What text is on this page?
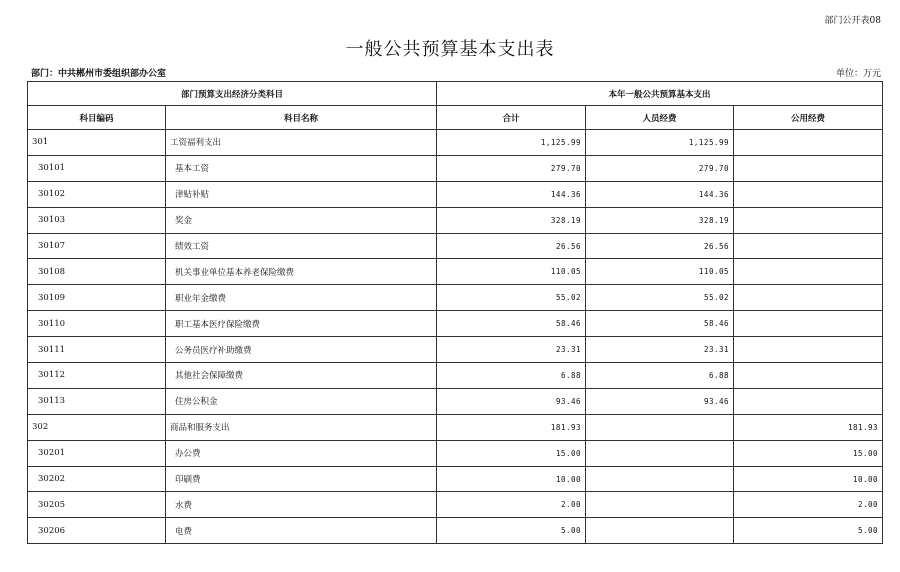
部门公开表08
一般公共预算基本支出表
部门：中共郴州市委组织部办公室	单位：万元
部门预算支出经济分类科目		本年一般公共预算基本支出		
科目编码	科目名称	合计	人员经费	公用经费
301	工资福利支出	1,125.99	1,125.99	
30101	基本工资	279.70	279.70	
30102	津贴补贴	144.36	144.36	
30103	奖金	328.19	328.19	
30107	绩效工资	26.56	26.56	
30108	机关事业单位基本养老保险缴费	110.05	110.05	
30109	职业年金缴费	55.02	55.02	
30110	职工基本医疗保险缴费	58.46	58.46	
30111	公务员医疗补助缴费	23.31	23.31	
30112	其他社会保障缴费	6.88	6.88	
30113	住房公积金	93.46	93.46	
302	商品和服务支出	181.93		181.93
30201	办公费	15.00		15.00
30202	印刷费	10.00		10.00
30205	水费	2.00		2.00
30206	电费	5.00		5.00
